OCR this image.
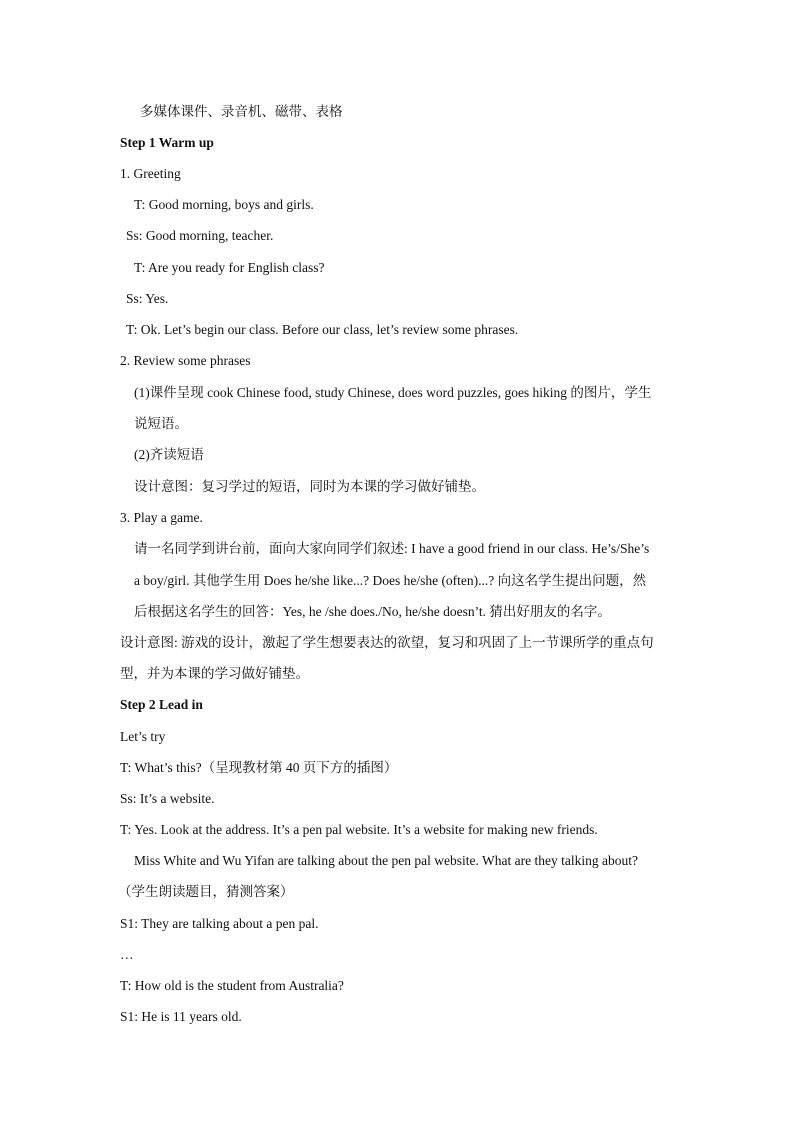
多媒体课件、录音机、磁带、表格
Step 1 Warm up
1. Greeting
T: Good morning, boys and girls.
Ss: Good morning, teacher.
T: Are you ready for English class?
Ss: Yes.
T: Ok. Let’s begin our class. Before our class, let’s review some phrases.
2. Review some phrases
(1)课件呈现 cook Chinese food, study Chinese, does word puzzles, goes hiking 的图片，学生
说短语。
(2)齐读短语
设计意图：复习学过的短语，同时为本课的学习做好铺垫。
3. Play a game.
请一名同学到讲台前，面向大家向同学们叙述: I have a good friend in our class. He’s/She’s
a boy/girl. 其他学生用 Does he/she like...? Does he/she (often)...? 向这名学生提出问题，然
后根据这名学生的回答：Yes, he /she does./No, he/she doesn’t. 猜出好朋友的名字。
设计意图: 游戏的设计，激起了学生想要表达的欲望，复习和巩固了上一节课所学的重点句
型，并为本课的学习做好铺垫。
Step 2 Lead in
Let’s try
T: What’s this?（呈现教材第 40 页下方的插图）
Ss: It’s a website.
T: Yes. Look at the address. It’s a pen pal website. It’s a website for making new friends.
Miss White and Wu Yifan are talking about the pen pal website. What are they talking about?
（学生朗读题目，猜测答案）
S1: They are talking about a pen pal.
…
T: How old is the student from Australia?
S1: He is 11 years old.
